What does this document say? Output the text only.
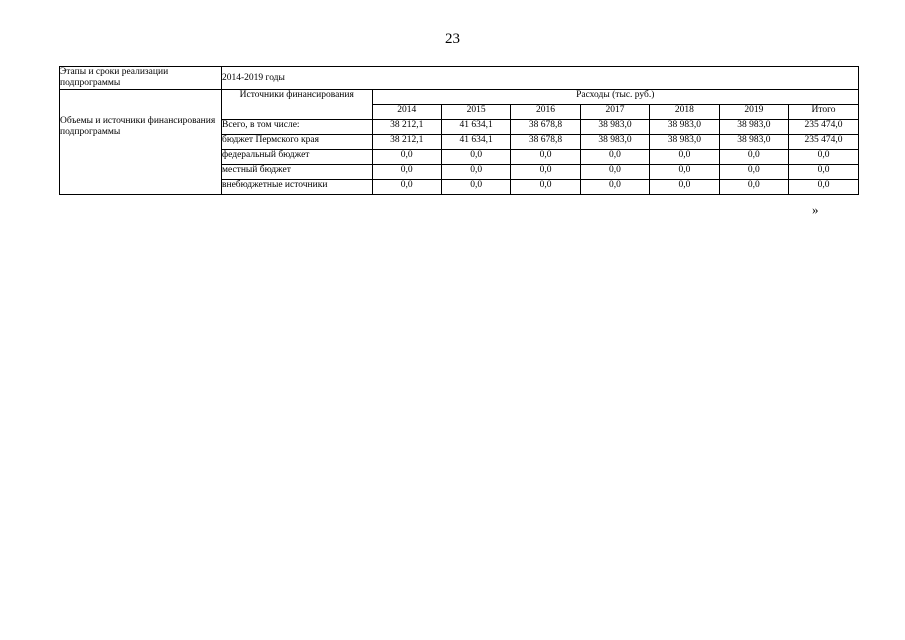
23
Этапы и сроки реализации подпрограммы	2014-2019 годы
Объемы и источники финансирования подпрограммы	
Источники финансирования	Расходы (тыс. руб.)
2014	2015	2016	2017	2018	2019	Итого
Всего, в том числе:	38 212,1	41 634,1	38 678,8	38 983,0	38 983,0	38 983,0	235 474,0
бюджет Пермского края	38 212,1	41 634,1	38 678,8	38 983,0	38 983,0	38 983,0	235 474,0
федеральный бюджет	0,0	0,0	0,0	0,0	0,0	0,0	0,0
местный бюджет	0,0	0,0	0,0	0,0	0,0	0,0	0,0
внебюджетные источники	0,0	0,0	0,0	0,0	0,0	0,0	0,0
»
